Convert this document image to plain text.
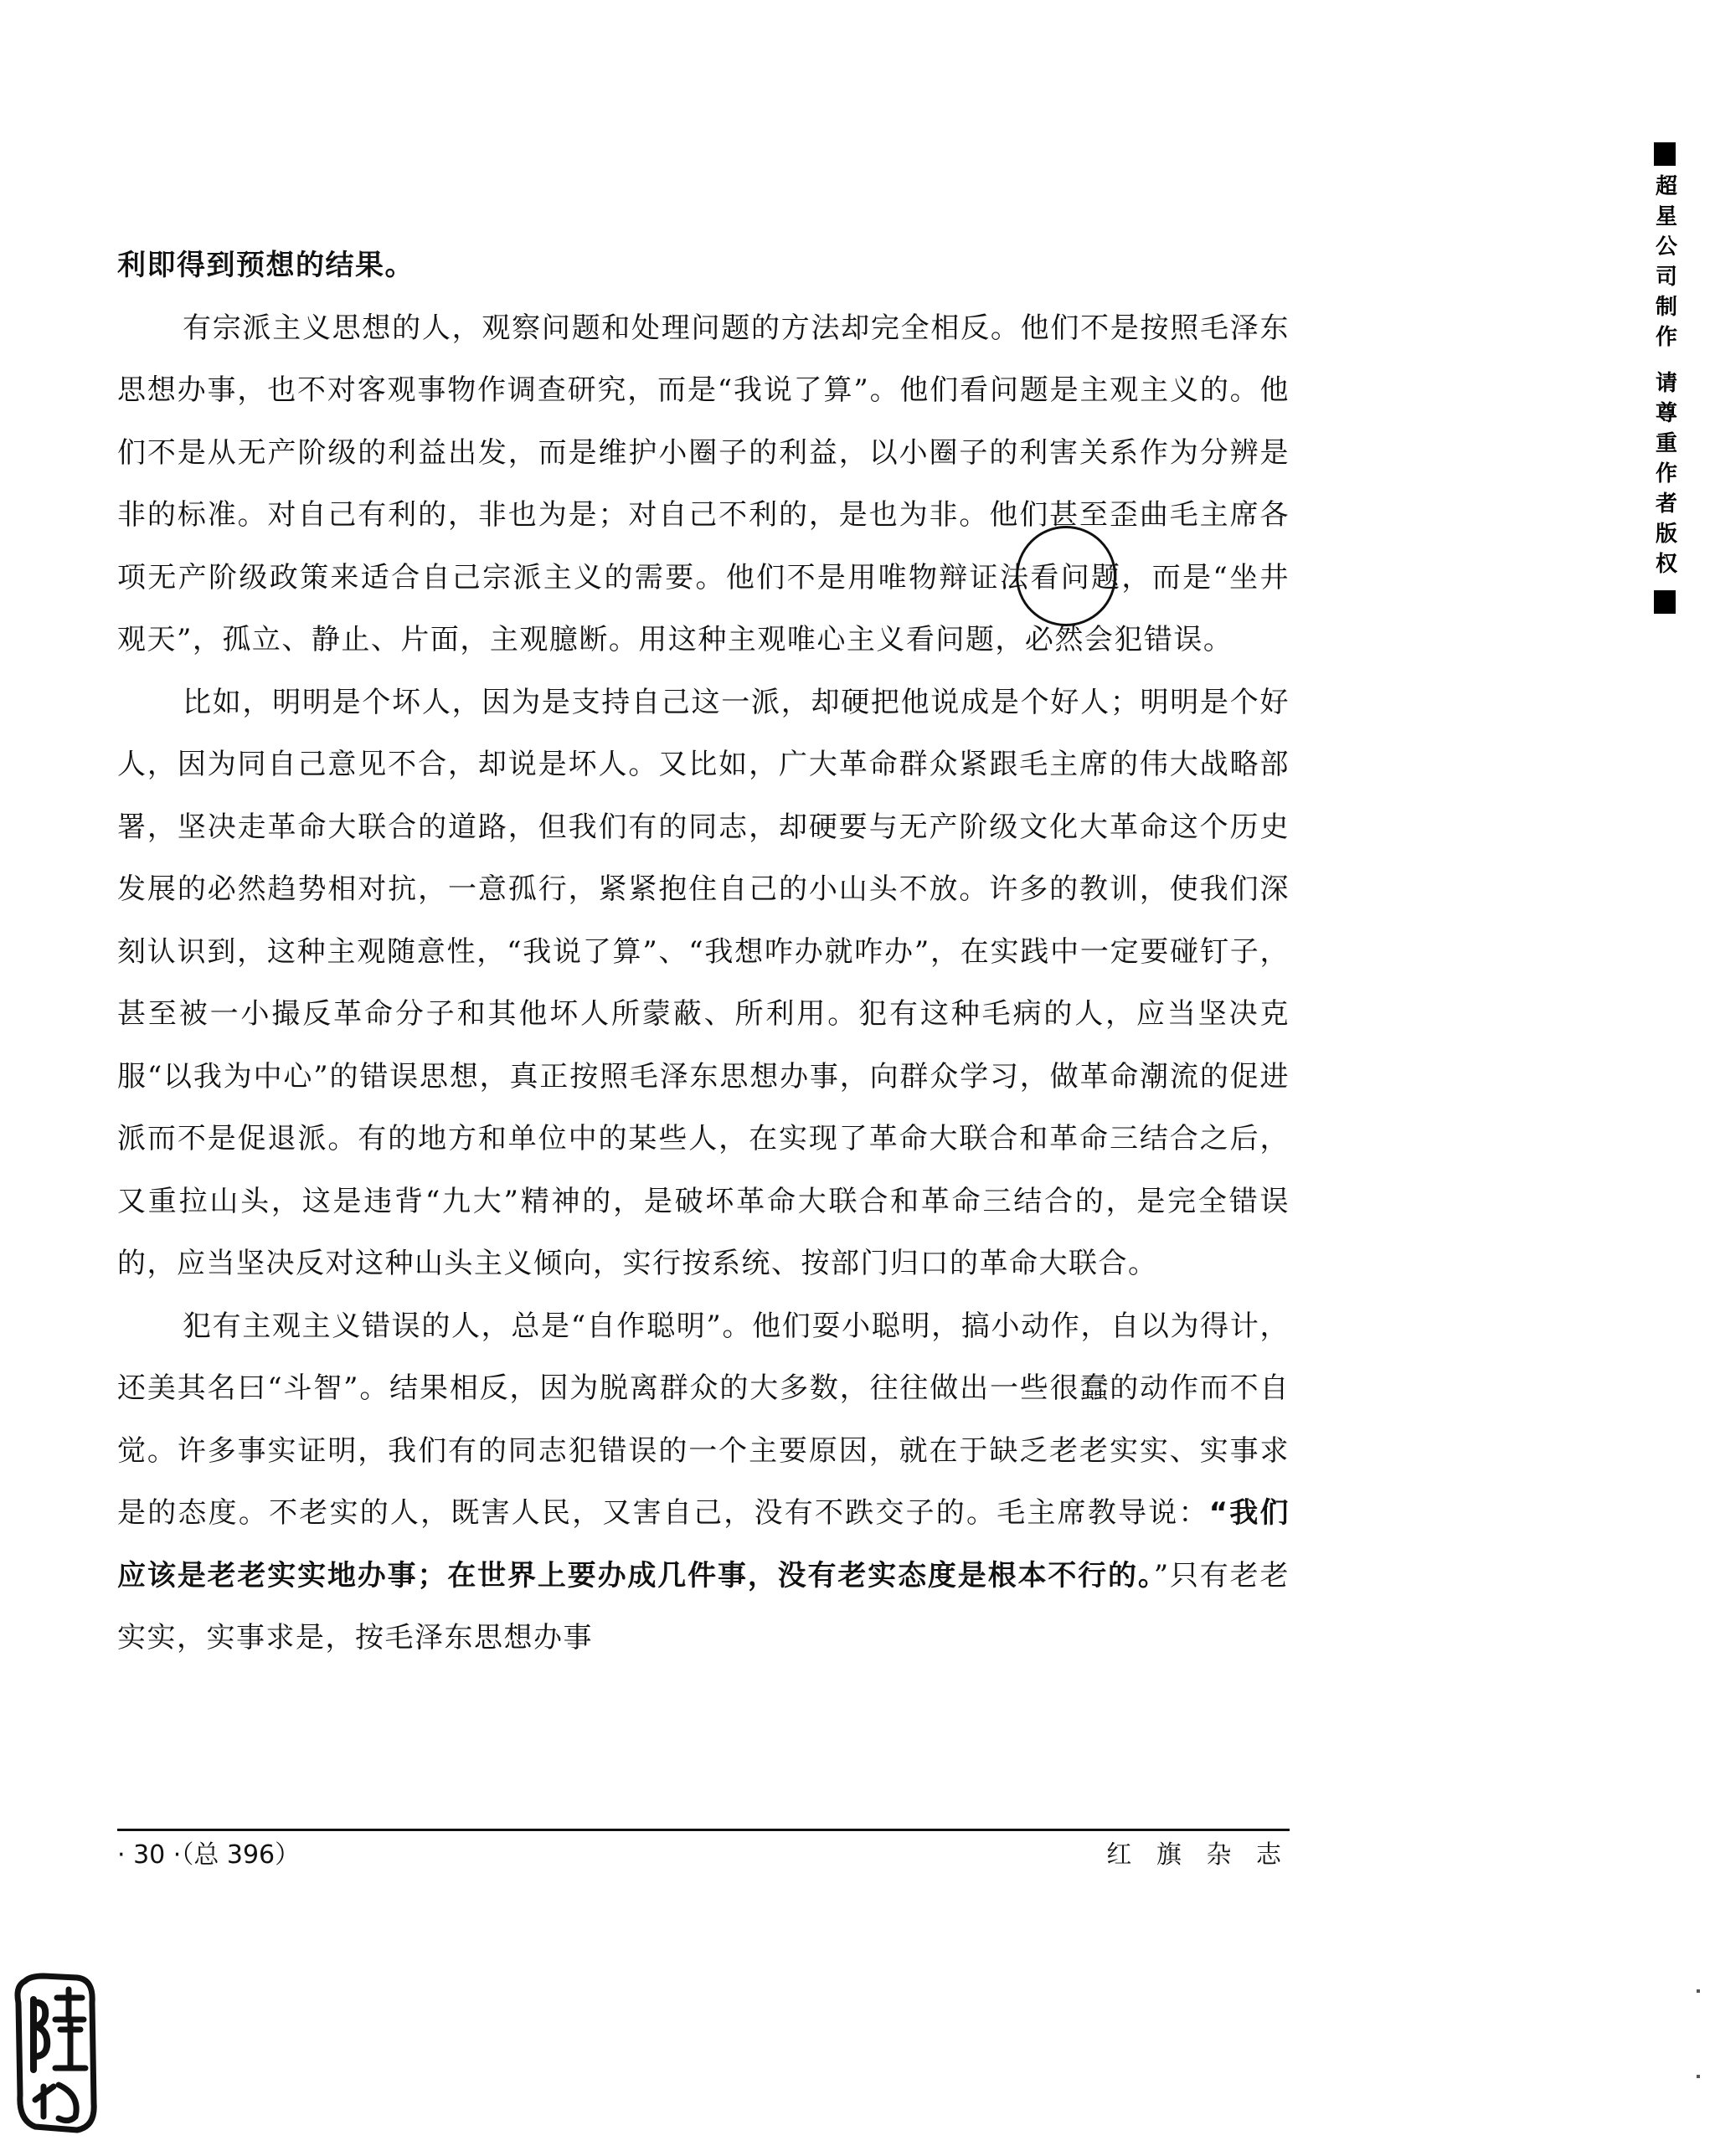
利即得到预想的结果。

有宗派主义思想的人，观察问题和处理问题的方法却完全相反。他们不是按照毛泽东思想办事，也不对客观事物作调查研究，而是“我说了算”。他们看问题是主观主义的。他们不是从无产阶级的利益出发，而是维护小圈子的利益，以小圈子的利害关系作为分辨是非的标准。对自己有利的，非也为是；对自己不利的，是也为非。他们甚至歪曲毛主席各项无产阶级政策来适合自己宗派主义的需要。他们不是用唯物辩证法看问题，而是“坐井观天”，孤立、静止、片面，主观臆断。用这种主观唯心主义看问题，必然会犯错误。

比如，明明是个坏人，因为是支持自己这一派，却硬把他说成是个好人；明明是个好人，因为同自己意见不合，却说是坏人。又比如，广大革命群众紧跟毛主席的伟大战略部署，坚决走革命大联合的道路，但我们有的同志，却硬要与无产阶级文化大革命这个历史发展的必然趋势相对抗，一意孤行，紧紧抱住自己的小山头不放。许多的教训，使我们深刻认识到，这种主观随意性，“我说了算”、“我想咋办就咋办”，在实践中一定要碰钉子，甚至被一小撮反革命分子和其他坏人所蒙蔽、所利用。犯有这种毛病的人，应当坚决克服“以我为中心”的错误思想，真正按照毛泽东思想办事，向群众学习，做革命潮流的促进派而不是促退派。有的地方和单位中的某些人，在实现了革命大联合和革命三结合之后，又重拉山头，这是违背“九大”精神的，是破坏革命大联合和革命三结合的，是完全错误的，应当坚决反对这种山头主义倾向，实行按系统、按部门归口的革命大联合。

犯有主观主义错误的人，总是“自作聪明”。他们耍小聪明，搞小动作，自以为得计，还美其名曰“斗智”。结果相反，因为脱离群众的大多数，往往做出一些很蠢的动作而不自觉。许多事实证明，我们有的同志犯错误的一个主要原因，就在于缺乏老老实实、实事求是的态度。不老实的人，既害人民，又害自己，没有不跌交子的。毛主席教导说：“我们应该是老老实实地办事；在世界上要办成几件事，没有老实态度是根本不行的。”只有老老实实，实事求是，按毛泽东思想办事

· 30 ·（总 396）	红 旗 杂 志
超星公司制作 请尊重作者版权
